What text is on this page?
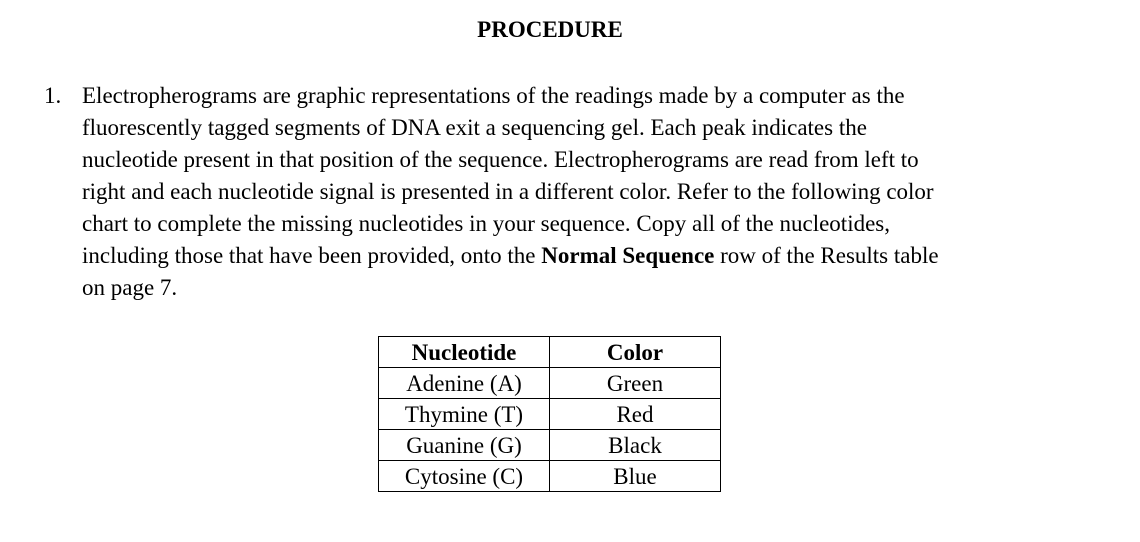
PROCEDURE
1. Electropherograms are graphic representations of the readings made by a computer as the
fluorescently tagged segments of DNA exit a sequencing gel. Each peak indicates the
nucleotide present in that position of the sequence. Electropherograms are read from left to
right and each nucleotide signal is presented in a different color. Refer to the following color
chart to complete the missing nucleotides in your sequence. Copy all of the nucleotides,
including those that have been provided, onto the Normal Sequence row of the Results table
on page 7.
Nucleotide	Color
Adenine (A)	Green
Thymine (T)	Red
Guanine (G)	Black
Cytosine (C)	Blue
